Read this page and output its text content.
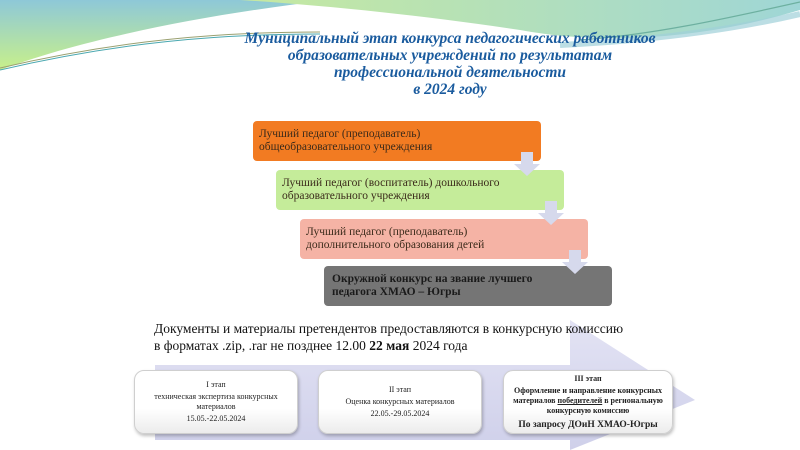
Муниципальный этап конкурса педагогических работников
образовательных учреждений по результатам
профессиональной деятельности
в 2024 году
Лучший педагог (преподаватель)
общеобразовательного учреждения
Лучший педагог (воспитатель) дошкольного
образовательного учреждения
Лучший педагог (преподаватель)
дополнительного образования детей
Окружной конкурс на звание лучшего
педагога ХМАО – Югры
Документы и материалы претендентов предоставляются в конкурсную комиссию
в форматах .zip, .rar не позднее 12.00 22 мая 2024 года
I этап
техническая экспертиза конкурсных материалов
15.05.-22.05.2024
II этап
Оценка конкурсных материалов
22.05.-29.05.2024
III этап
Оформление и направление конкурсных материалов победителей в региональную конкурсную комиссию
По запросу ДОиН ХМАО-Югры
